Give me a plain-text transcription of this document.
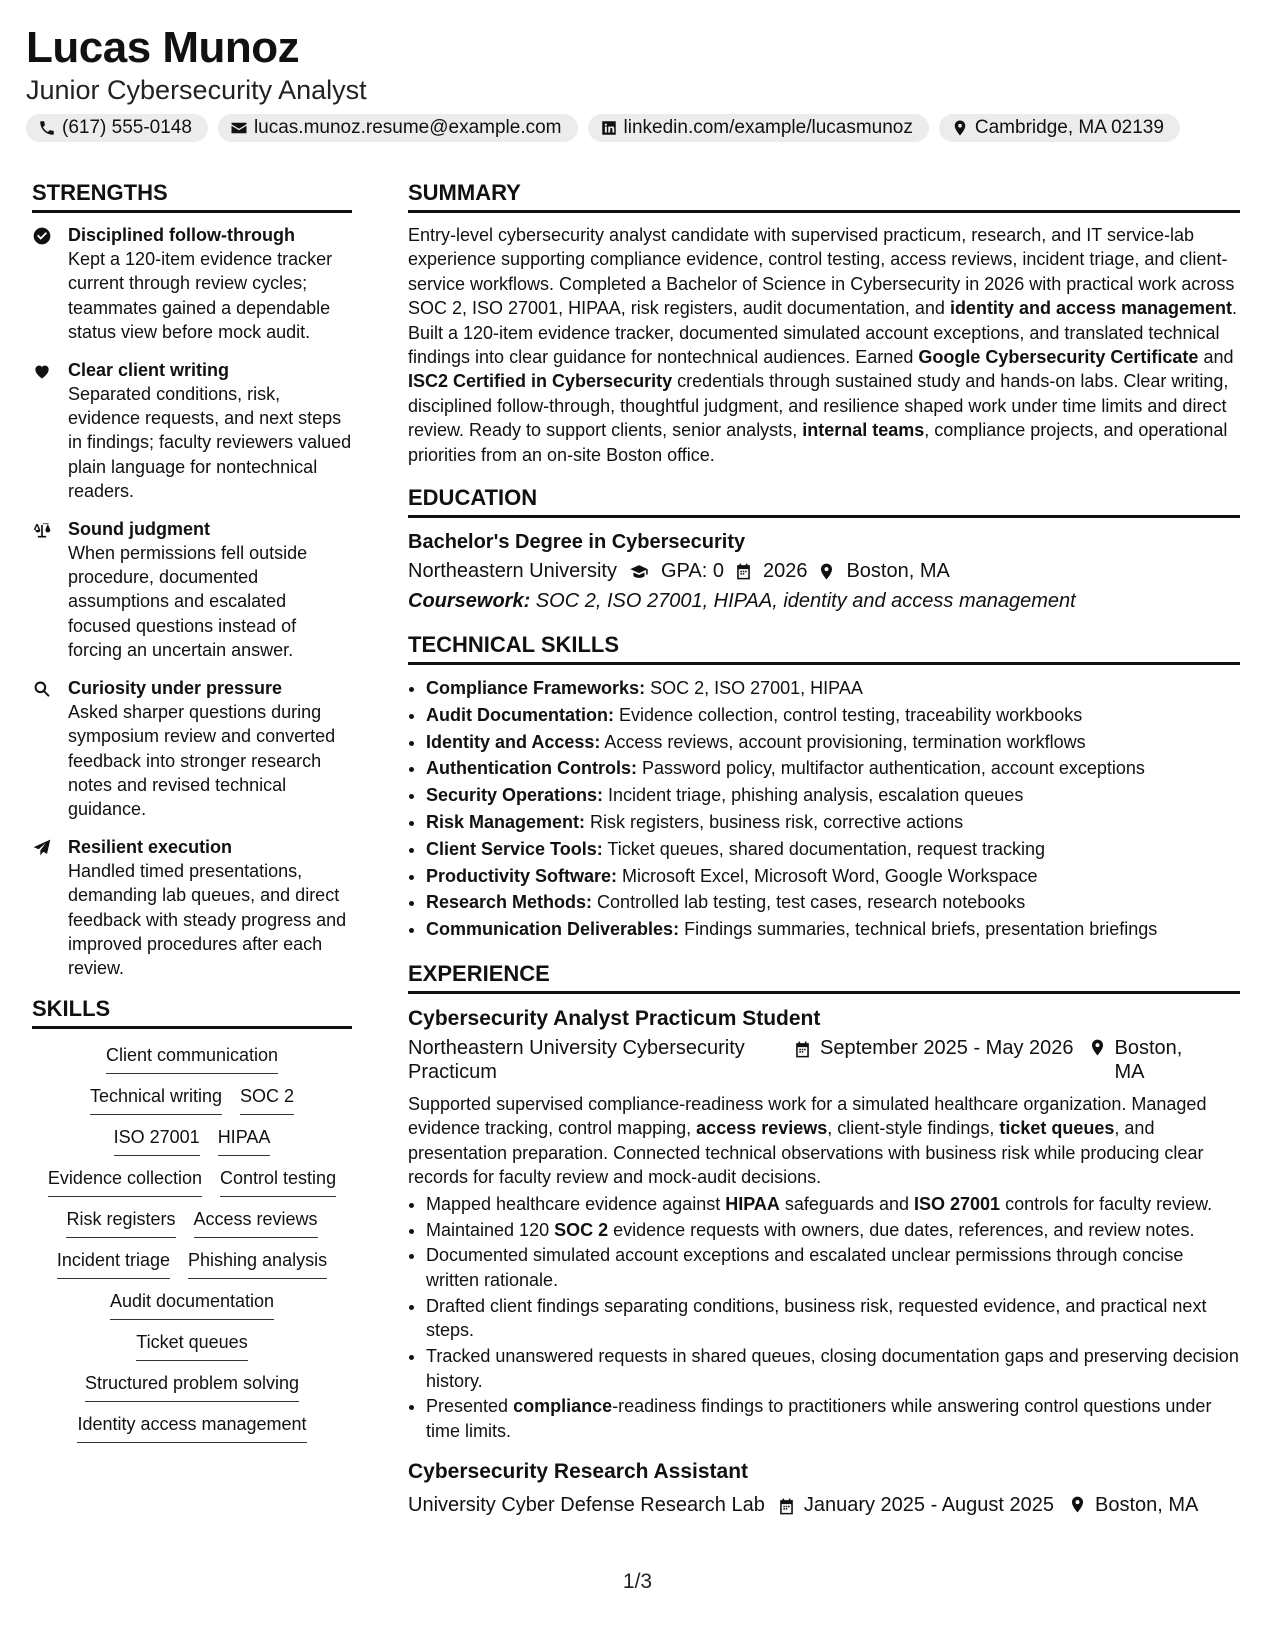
Lucas Munoz
Junior Cybersecurity Analyst
(617) 555-0148	lucas.munoz.resume@example.com	linkedin.com/example/lucasmunoz	Cambridge, MA 02139
STRENGTHS
Disciplined follow-through
Kept a 120-item evidence tracker current through review cycles; teammates gained a dependable status view before mock audit.
Clear client writing
Separated conditions, risk, evidence requests, and next steps in findings; faculty reviewers valued plain language for nontechnical readers.
Sound judgment
When permissions fell outside procedure, documented assumptions and escalated focused questions instead of forcing an uncertain answer.
Curiosity under pressure
Asked sharper questions during symposium review and converted feedback into stronger research notes and revised technical guidance.
Resilient execution
Handled timed presentations, demanding lab queues, and direct feedback with steady progress and improved procedures after each review.
SKILLS
Client communication
Technical writing SOC 2
ISO 27001 HIPAA
Evidence collection Control testing
Risk registers Access reviews
Incident triage Phishing analysis
Audit documentation
Ticket queues
Structured problem solving
Identity access management
SUMMARY
Entry-level cybersecurity analyst candidate with supervised practicum, research, and IT service-lab experience supporting compliance evidence, control testing, access reviews, incident triage, and client-service workflows. Completed a Bachelor of Science in Cybersecurity in 2026 with practical work across SOC 2, ISO 27001, HIPAA, risk registers, audit documentation, and identity and access management. Built a 120-item evidence tracker, documented simulated account exceptions, and translated technical findings into clear guidance for nontechnical audiences. Earned Google Cybersecurity Certificate and ISC2 Certified in Cybersecurity credentials through sustained study and hands-on labs. Clear writing, disciplined follow-through, thoughtful judgment, and resilience shaped work under time limits and direct review. Ready to support clients, senior analysts, internal teams, compliance projects, and operational priorities from an on-site Boston office.
EDUCATION
Bachelor's Degree in Cybersecurity
Northeastern University GPA: 0 2026 Boston, MA
Coursework: SOC 2, ISO 27001, HIPAA, identity and access management
TECHNICAL SKILLS
• Compliance Frameworks: SOC 2, ISO 27001, HIPAA
• Audit Documentation: Evidence collection, control testing, traceability workbooks
• Identity and Access: Access reviews, account provisioning, termination workflows
• Authentication Controls: Password policy, multifactor authentication, account exceptions
• Security Operations: Incident triage, phishing analysis, escalation queues
• Risk Management: Risk registers, business risk, corrective actions
• Client Service Tools: Ticket queues, shared documentation, request tracking
• Productivity Software: Microsoft Excel, Microsoft Word, Google Workspace
• Research Methods: Controlled lab testing, test cases, research notebooks
• Communication Deliverables: Findings summaries, technical briefs, presentation briefings
EXPERIENCE
Cybersecurity Analyst Practicum Student
Northeastern University Cybersecurity Practicum
September 2025 - May 2026 Boston, MA
Supported supervised compliance-readiness work for a simulated healthcare organization. Managed evidence tracking, control mapping, access reviews, client-style findings, ticket queues, and presentation preparation. Connected technical observations with business risk while producing clear records for faculty review and mock-audit decisions.
• Mapped healthcare evidence against HIPAA safeguards and ISO 27001 controls for faculty review.
• Maintained 120 SOC 2 evidence requests with owners, due dates, references, and review notes.
• Documented simulated account exceptions and escalated unclear permissions through concise written rationale.
• Drafted client findings separating conditions, business risk, requested evidence, and practical next steps.
• Tracked unanswered requests in shared queues, closing documentation gaps and preserving decision history.
• Presented compliance-readiness findings to practitioners while answering control questions under time limits.
Cybersecurity Research Assistant
University Cyber Defense Research Lab January 2025 - August 2025 Boston, MA
1/3
